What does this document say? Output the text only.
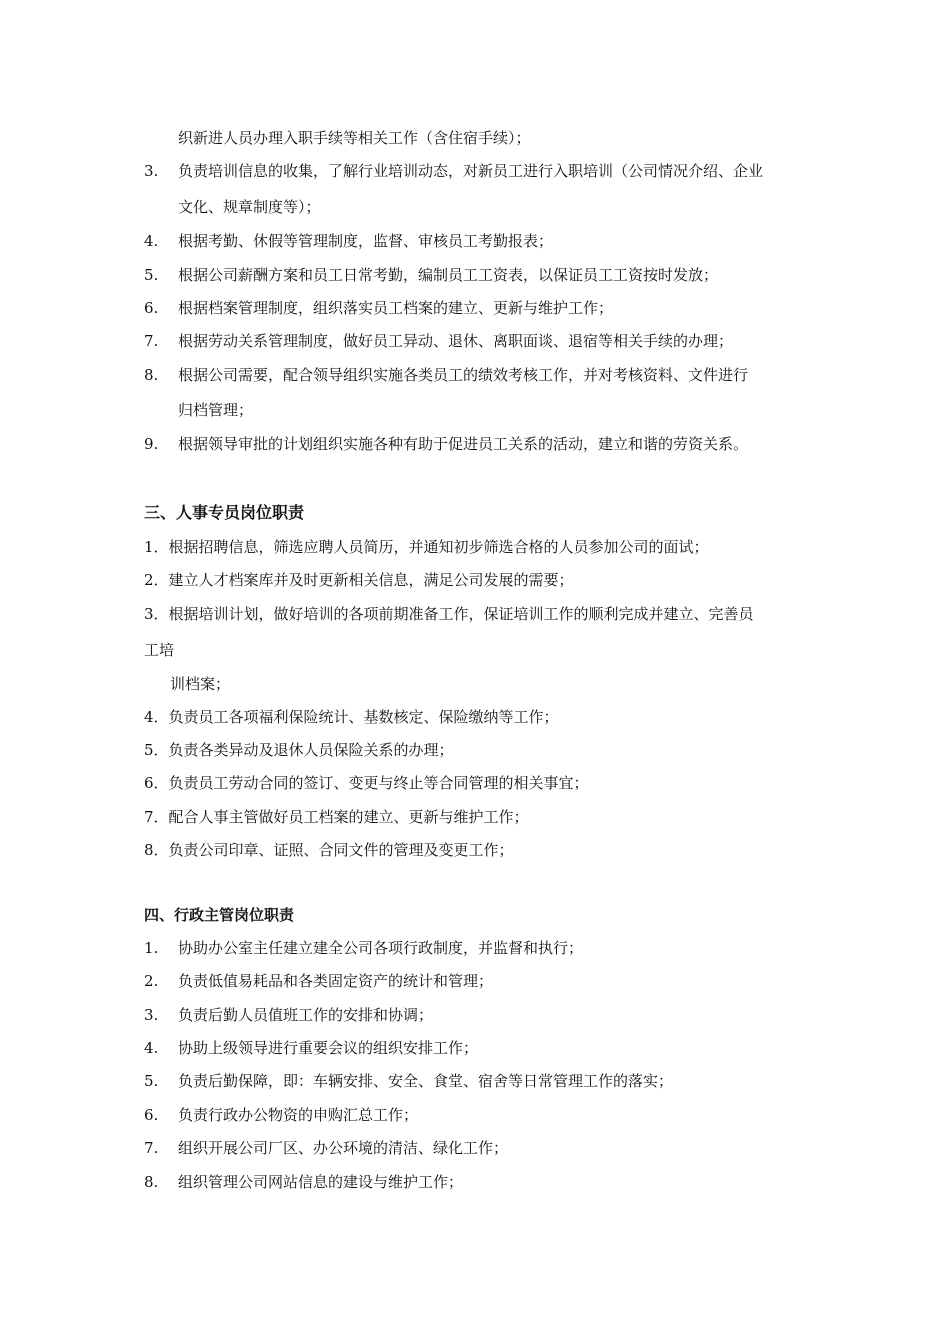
织新进人员办理入职手续等相关工作（含住宿手续）；
3. 负责培训信息的收集，了解行业培训动态，对新员工进行入职培训（公司情况介绍、企业
文化、规章制度等）；
4. 根据考勤、休假等管理制度，监督、审核员工考勤报表；
5. 根据公司薪酬方案和员工日常考勤，编制员工工资表，以保证员工工资按时发放；
6. 根据档案管理制度，组织落实员工档案的建立、更新与维护工作；
7. 根据劳动关系管理制度，做好员工异动、退休、离职面谈、退宿等相关手续的办理；
8. 根据公司需要，配合领导组织实施各类员工的绩效考核工作，并对考核资料、文件进行
归档管理；
9. 根据领导审批的计划组织实施各种有助于促进员工关系的活动，建立和谐的劳资关系。
三、人事专员岗位职责
1．根据招聘信息，筛选应聘人员简历，并通知初步筛选合格的人员参加公司的面试；
2．建立人才档案库并及时更新相关信息，满足公司发展的需要；
3．根据培训计划，做好培训的各项前期准备工作，保证培训工作的顺利完成并建立、完善员
工培
训档案；
4．负责员工各项福利保险统计、基数核定、保险缴纳等工作；
5．负责各类异动及退休人员保险关系的办理；
6．负责员工劳动合同的签订、变更与终止等合同管理的相关事宜；
7．配合人事主管做好员工档案的建立、更新与维护工作；
8．负责公司印章、证照、合同文件的管理及变更工作；
四、行政主管岗位职责
1. 协助办公室主任建立建全公司各项行政制度，并监督和执行；
2. 负责低值易耗品和各类固定资产的统计和管理；
3. 负责后勤人员值班工作的安排和协调；
4. 协助上级领导进行重要会议的组织安排工作；
5. 负责后勤保障，即：车辆安排、安全、食堂、宿舍等日常管理工作的落实；
6. 负责行政办公物资的申购汇总工作；
7. 组织开展公司厂区、办公环境的清洁、绿化工作；
8. 组织管理公司网站信息的建设与维护工作；
